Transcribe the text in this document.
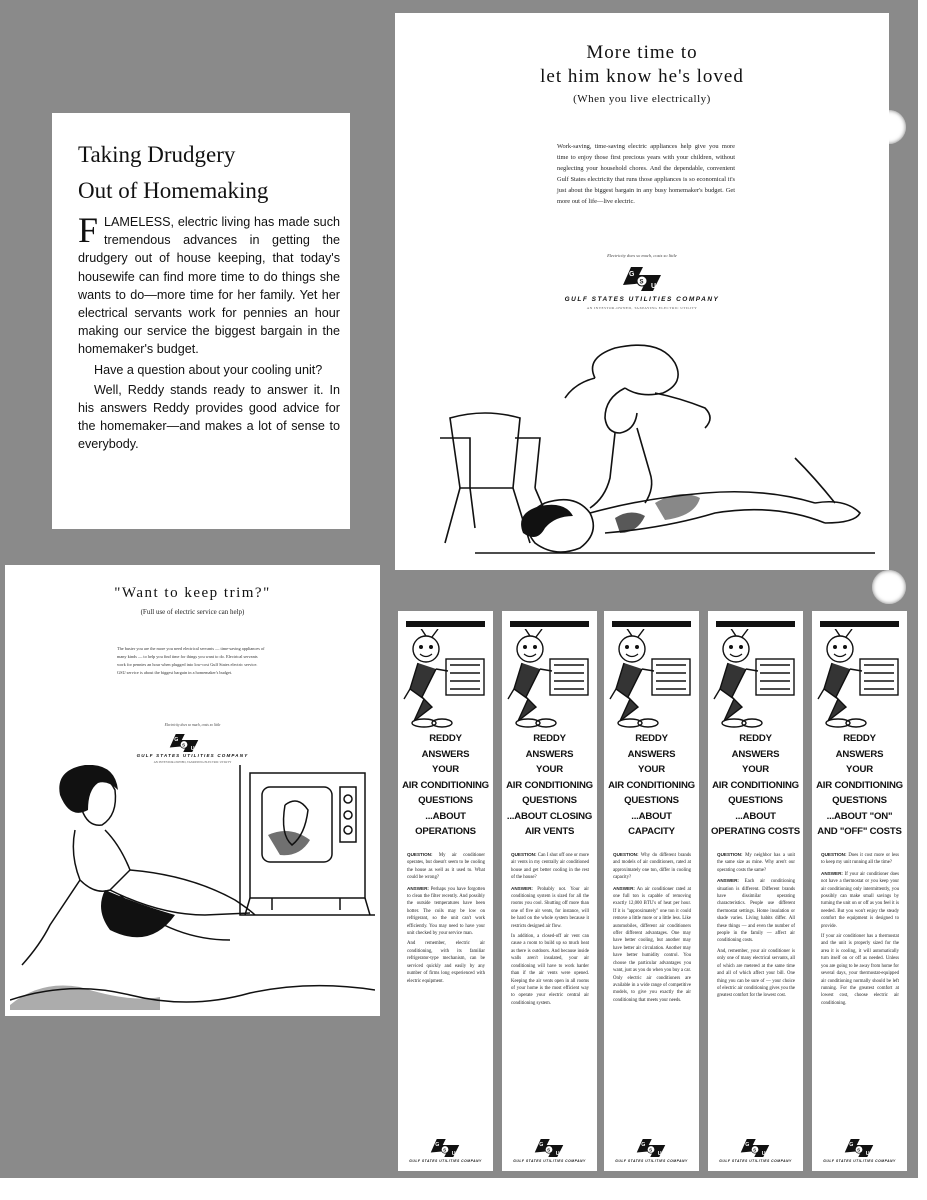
Taking Drudgery
Out of Homemaking

FLAMELESS, electric living has made such tremendous advances in getting the drudgery out of house keeping, that today's housewife can find more time to do things she wants to do—more time for her family. Yet her electrical servants work for pennies an hour making our service the biggest bargain in the homemaker's budget.

Have a question about your cooling unit?

Well, Reddy stands ready to answer it. In his answers Reddy provides good advice for the homemaker—and makes a lot of sense to everybody.

More time to
let him know he's loved
(When you live electrically)
Work-saving, time-saving electric appliances help give you more time to enjoy those first precious years with your children, without neglecting your household chores. And the dependable, convenient Gulf States electricity that runs those appliances is so economical it's just about the biggest bargain in any busy homemaker's budget. Get more out of life—live electric.
Electricity does so much, costs so little
G
S
U
GULF STATES UTILITIES COMPANY
AN INVESTOR-OWNED, TAXPAYING ELECTRIC UTILITY
"Want to keep trim?"
(Full use of electric service can help)
The busier you are the more you need electrical servants — time-saving appliances of many kinds — to help you find time for things you want to do. Electrical servants work for pennies an hour when plugged into low-cost Gulf States electric service. GSU service is about the biggest bargain in a homemaker's budget.
Electricity does so much, costs so little
G
S
U
GULF STATES UTILITIES COMPANY
AN INVESTOR-OWNED, TAXPAYING ELECTRIC UTILITY
REDDY
ANSWERS
YOUR
AIR CONDITIONING
QUESTIONS
...ABOUT
OPERATIONS

QUESTION: My air conditioner operates, but doesn't seem to be cooling the house as well as it used to. What could be wrong?

ANSWER: Perhaps you have forgotten to clean the filter recently. And possibly the outside temperatures have been hotter. The coils may be low on refrigerant, so the unit can't work efficiently. You may need to have your unit checked by your service man.

And remember, electric air conditioning, with its familiar refrigerator-type mechanism, can be serviced quickly and easily by any number of firms long experienced with electric equipment.

G
S
U
GULF STATES UTILITIES COMPANY
REDDY
ANSWERS
YOUR
AIR CONDITIONING
QUESTIONS
...ABOUT CLOSING
AIR VENTS

QUESTION: Can I shut off one or more air vents in my centrally air conditioned house and get better cooling in the rest of the house?

ANSWER: Probably not. Your air conditioning system is sized for all the rooms you cool. Shutting off more than one of five air vents, for instance, will be hard on the whole system because it restricts designed air flow.

In addition, a closed-off air vent can cause a room to build up so much heat as there is outdoors. And because inside walls aren't insulated, your air conditioning will have to work harder than if the air vents were opened. Keeping the air vents open in all rooms of your home is the most efficient way to operate your electric central air conditioning system.

G
S
U
GULF STATES UTILITIES COMPANY
REDDY
ANSWERS
YOUR
AIR CONDITIONING
QUESTIONS
...ABOUT
CAPACITY

QUESTION: Why do different brands and models of air conditioners, rated at approximately one ton, differ in cooling capacity?

ANSWER: An air conditioner rated at one full ton is capable of removing exactly 12,000 BTU's of heat per hour. If it is "approximately" one ton it could remove a little more or a little less. Like automobiles, different air conditioners offer different advantages. One may have better cooling, but another may have better air circulation. Another may have better humidity control. You choose the particular advantages you want, just as you do when you buy a car. Only electric air conditioners are available in a wide range of competitive models, to give you exactly the air conditioning that meets your needs.

G
S
U
GULF STATES UTILITIES COMPANY
REDDY
ANSWERS
YOUR
AIR CONDITIONING
QUESTIONS
...ABOUT
OPERATING COSTS

QUESTION: My neighbor has a unit the same size as mine. Why aren't our operating costs the same?

ANSWER: Each air conditioning situation is different. Different brands have dissimilar operating characteristics. People use different thermostat settings. Home insulation or shade varies. Living habits differ. All these things — and even the number of people in the family — affect air conditioning costs.

And, remember, your air conditioner is only one of many electrical servants, all of which are metered at the same time and all of which affect your bill. One thing you can be sure of — your choice of electric air conditioning gives you the greatest comfort for the lowest cost.

G
S
U
GULF STATES UTILITIES COMPANY
REDDY
ANSWERS
YOUR
AIR CONDITIONING
QUESTIONS
...ABOUT "ON"
AND "OFF" COSTS

QUESTION: Does it cost more or less to keep my unit running all the time?

ANSWER: If your air conditioner does not have a thermostat or you keep your air conditioning only intermittently, you possibly can make small savings by turning the unit on or off as you feel it is needed. But you won't enjoy the steady comfort the equipment is designed to provide.

If your air conditioner has a thermostat and the unit is properly sized for the area it is cooling, it will automatically turn itself on or off as needed. Unless you are going to be away from home for several days, your thermostat-equipped air conditioning normally should be left running. For the greatest comfort at lowest cost, choose electric air conditioning.

G
S
U
GULF STATES UTILITIES COMPANY
